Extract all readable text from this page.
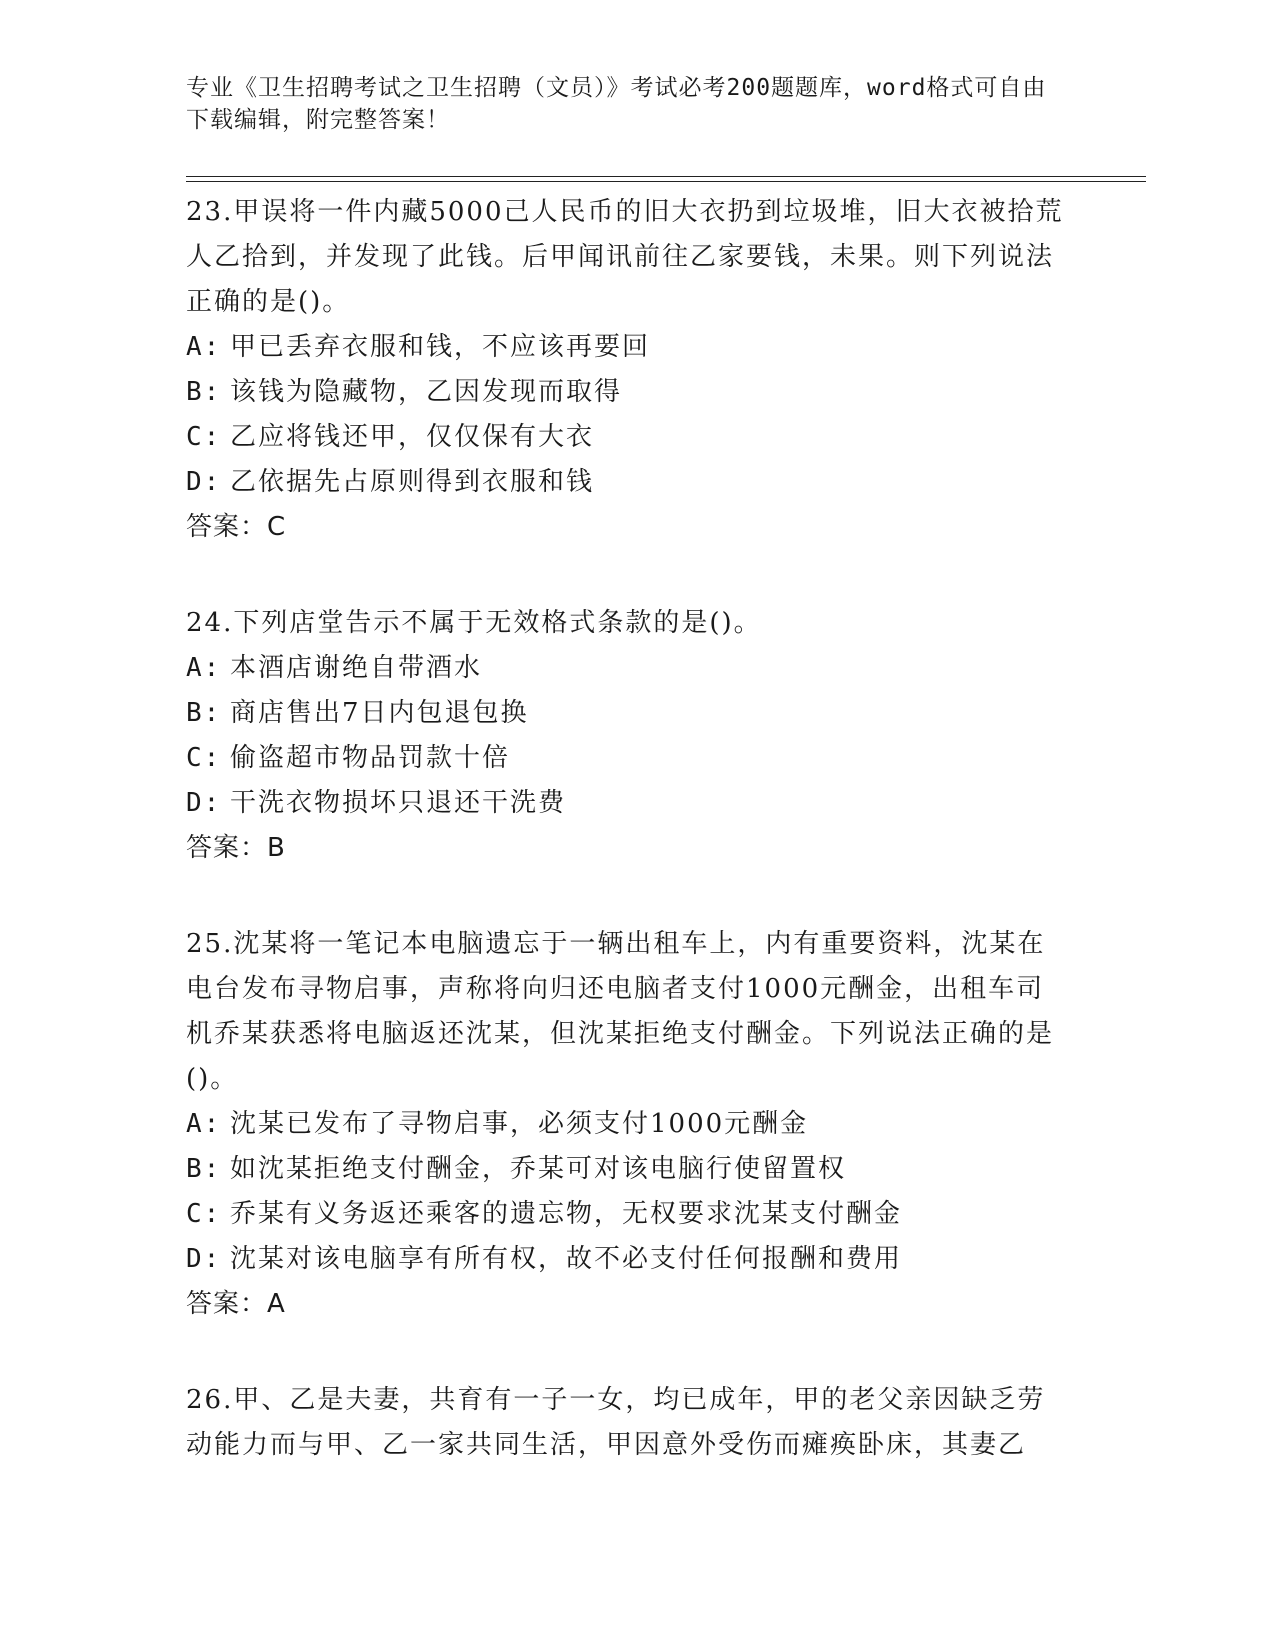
专业《卫生招聘考试之卫生招聘（文员）》考试必考200题题库，word格式可自由下载编辑，附完整答案！

23.甲误将一件内藏5000己人民币的旧大衣扔到垃圾堆，旧大衣被拾荒人乙拾到，并发现了此钱。后甲闻讯前往乙家要钱，未果。则下列说法正确的是()。

A: 甲已丢弃衣服和钱，不应该再要回

B: 该钱为隐藏物，乙因发现而取得

C: 乙应将钱还甲，仅仅保有大衣

D: 乙依据先占原则得到衣服和钱

答案：C

24.下列店堂告示不属于无效格式条款的是()。

A: 本酒店谢绝自带酒水

B: 商店售出7日内包退包换

C: 偷盗超市物品罚款十倍

D: 干洗衣物损坏只退还干洗费

答案：B

25.沈某将一笔记本电脑遗忘于一辆出租车上，内有重要资料，沈某在电台发布寻物启事，声称将向归还电脑者支付1000元酬金，出租车司机乔某获悉将电脑返还沈某，但沈某拒绝支付酬金。下列说法正确的是()。

A: 沈某已发布了寻物启事，必须支付1000元酬金

B: 如沈某拒绝支付酬金，乔某可对该电脑行使留置权

C: 乔某有义务返还乘客的遗忘物，无权要求沈某支付酬金

D: 沈某对该电脑享有所有权，故不必支付任何报酬和费用

答案：A

26.甲、乙是夫妻，共育有一子一女，均已成年，甲的老父亲因缺乏劳动能力而与甲、乙一家共同生活，甲因意外受伤而瘫痪卧床，其妻乙
